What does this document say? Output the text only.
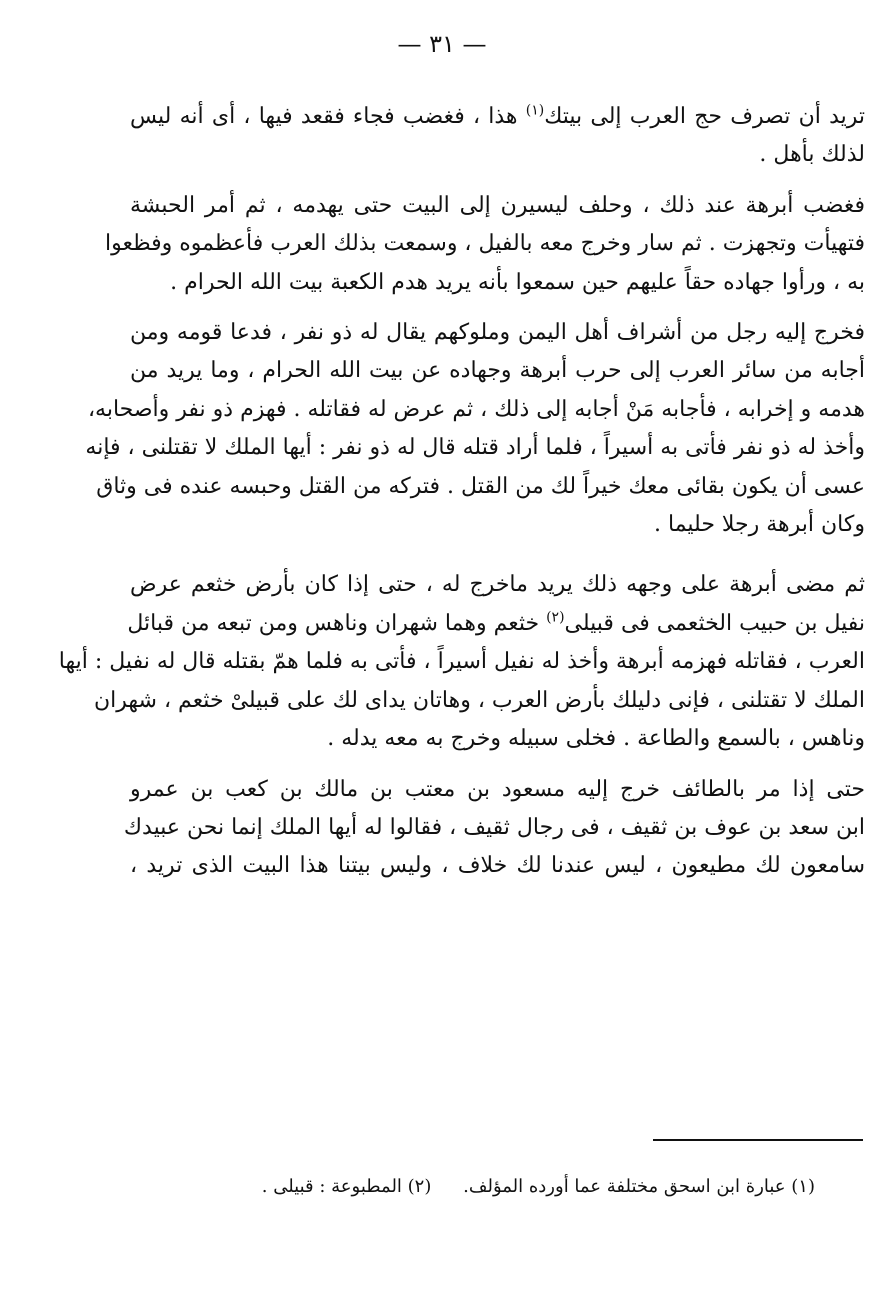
— ٣١ —

تريد أن تصرف حج العرب إلى بيتك$^{(١)}$ هذا ، فغضب فجاء فقعد فيها ، أى أنه ليس
لذلك بأهل .

فغضب أبرهة عند ذلك ، وحلف ليسيرن إلى البيت حتى يهدمه ، ثم أمر الحبشة
فتهيأت وتجهزت . ثم سار وخرج معه بالفيل ، وسمعت بذلك العرب فأعظموه وفظعوا
به ، ورأوا جهاده حقاً عليهم حين سمعوا بأنه يريد هدم الكعبة بيت الله الحرام .

فخرج إليه رجل من أشراف أهل اليمن وملوكهم يقال له ذو نفر ، فدعا قومه ومن
أجابه من سائر العرب إلى حرب أبرهة وجهاده عن بيت الله الحرام ، وما يريد من
هدمه و إخرابه ، فأجابه مَنْ أجابه إلى ذلك ، ثم عرض له فقاتله . فهزم ذو نفر وأصحابه،
وأخذ له ذو نفر فأتى به أسيراً ، فلما أراد قتله قال له ذو نفر : أيها الملك لا تقتلنى ، فإنه
عسى أن يكون بقائى معك خيراً لك من القتل . فتركه من القتل وحبسه عنده فى وثاق
وكان أبرهة رجلا حليما .

ثم مضى أبرهة على وجهه ذلك يريد ماخرج له ، حتى إذا كان بأرض خثعم عرض
نفيل بن حبيب الخثعمى فى قبيلى$^{(٢)}$ خثعم وهما شهران وناهس ومن تبعه من قبائل
العرب ، فقاتله فهزمه أبرهة وأخذ له نفيل أسيراً ، فأتى به فلما همّ بقتله قال له نفيل : أيها
الملك لا تقتلنى ، فإنى دليلك بأرض العرب ، وهاتان يداى لك على قبيلىْ خثعم ، شهران
وناهس ، بالسمع والطاعة . فخلى سبيله وخرج به معه يدله .

حتى إذا مر بالطائف خرج إليه مسعود بن معتب بن مالك بن كعب بن عمرو
ابن سعد بن عوف بن ثقيف ، فى رجال ثقيف ، فقالوا له أيها الملك إنما نحن عبيدك
سامعون لك مطيعون ، ليس عندنا لك خلاف ، وليس بيتنا هذا البيت الذى تريد ،

(١) عبارة ابن اسحق مختلفة عما أورده المؤلف. (٢) المطبوعة : قبيلى .
